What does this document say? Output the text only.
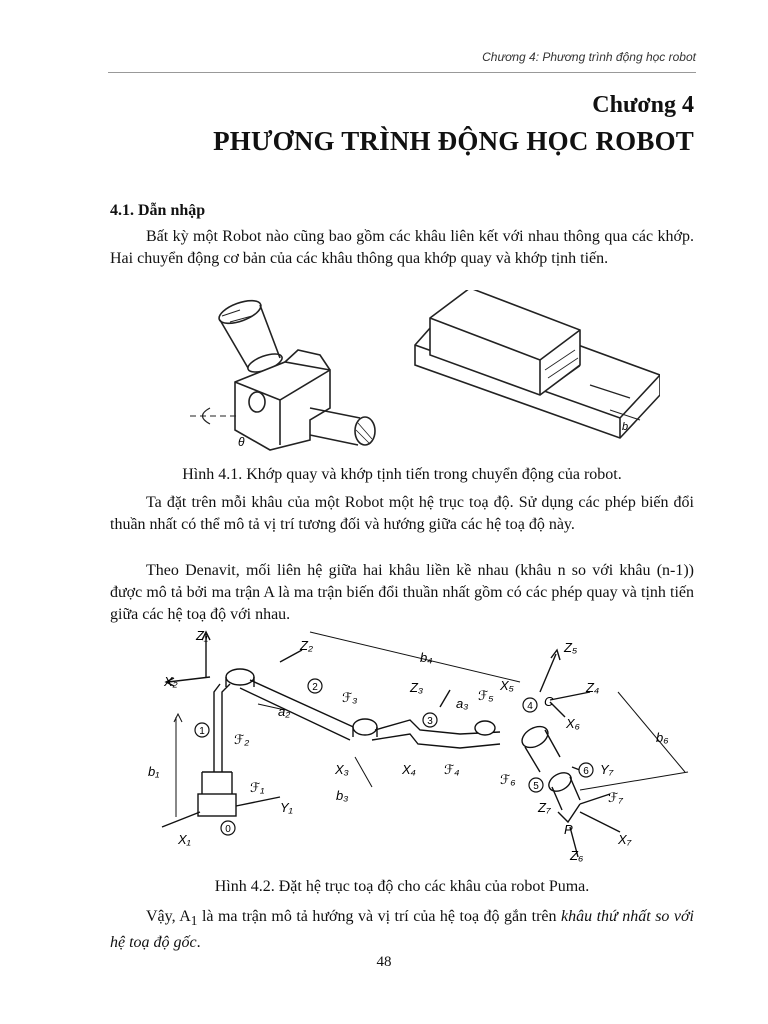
Chương 4: Phương trình động học robot
Chương 4
PHƯƠNG TRÌNH ĐỘNG HỌC ROBOT
4.1. Dẫn nhập

Bất kỳ một Robot nào cũng bao gồm các khâu liên kết với nhau thông qua các khớp. Hai chuyển động cơ bản của các khâu thông qua khớp quay và khớp tịnh tiến.

θ
b
Hình 4.1. Khớp quay và khớp tịnh tiến trong chuyển động của robot.

Ta đặt trên mỗi khâu của một Robot một hệ trục toạ độ. Sử dụng các phép biến đổi thuần nhất có thể mô tả vị trí tương đối và hướng giữa các hệ toạ độ này.

Theo Denavit, mối liên hệ giữa hai khâu liền kề nhau (khâu n so với khâu (n-1)) được mô tả bởi ma trận A là ma trận biến đổi thuần nhất gồm có các phép quay và tịnh tiến giữa các hệ toạ độ với nhau.

0
1
2
3
4
5
6
Z₁
X₂
Z₂
ℱ₃
a₂
ℱ₂
b₁
ℱ₁
Y₁
X₁
X₃
b₃
X₄ ℱ₄
Z₃
a₃
ℱ₅
b₄
X₅
Z₅
C
Z₄
X₆
b₆
ℱ₆
Y₇
ℱ₇
Z₇
P
X₇
Z₆
Hình 4.2. Đặt hệ trục toạ độ cho các khâu của robot Puma.

Vậy, $A_1$ là ma trận mô tả hướng và vị trí của hệ toạ độ gắn trên khâu thứ nhất so với hệ toạ độ gốc.

48
